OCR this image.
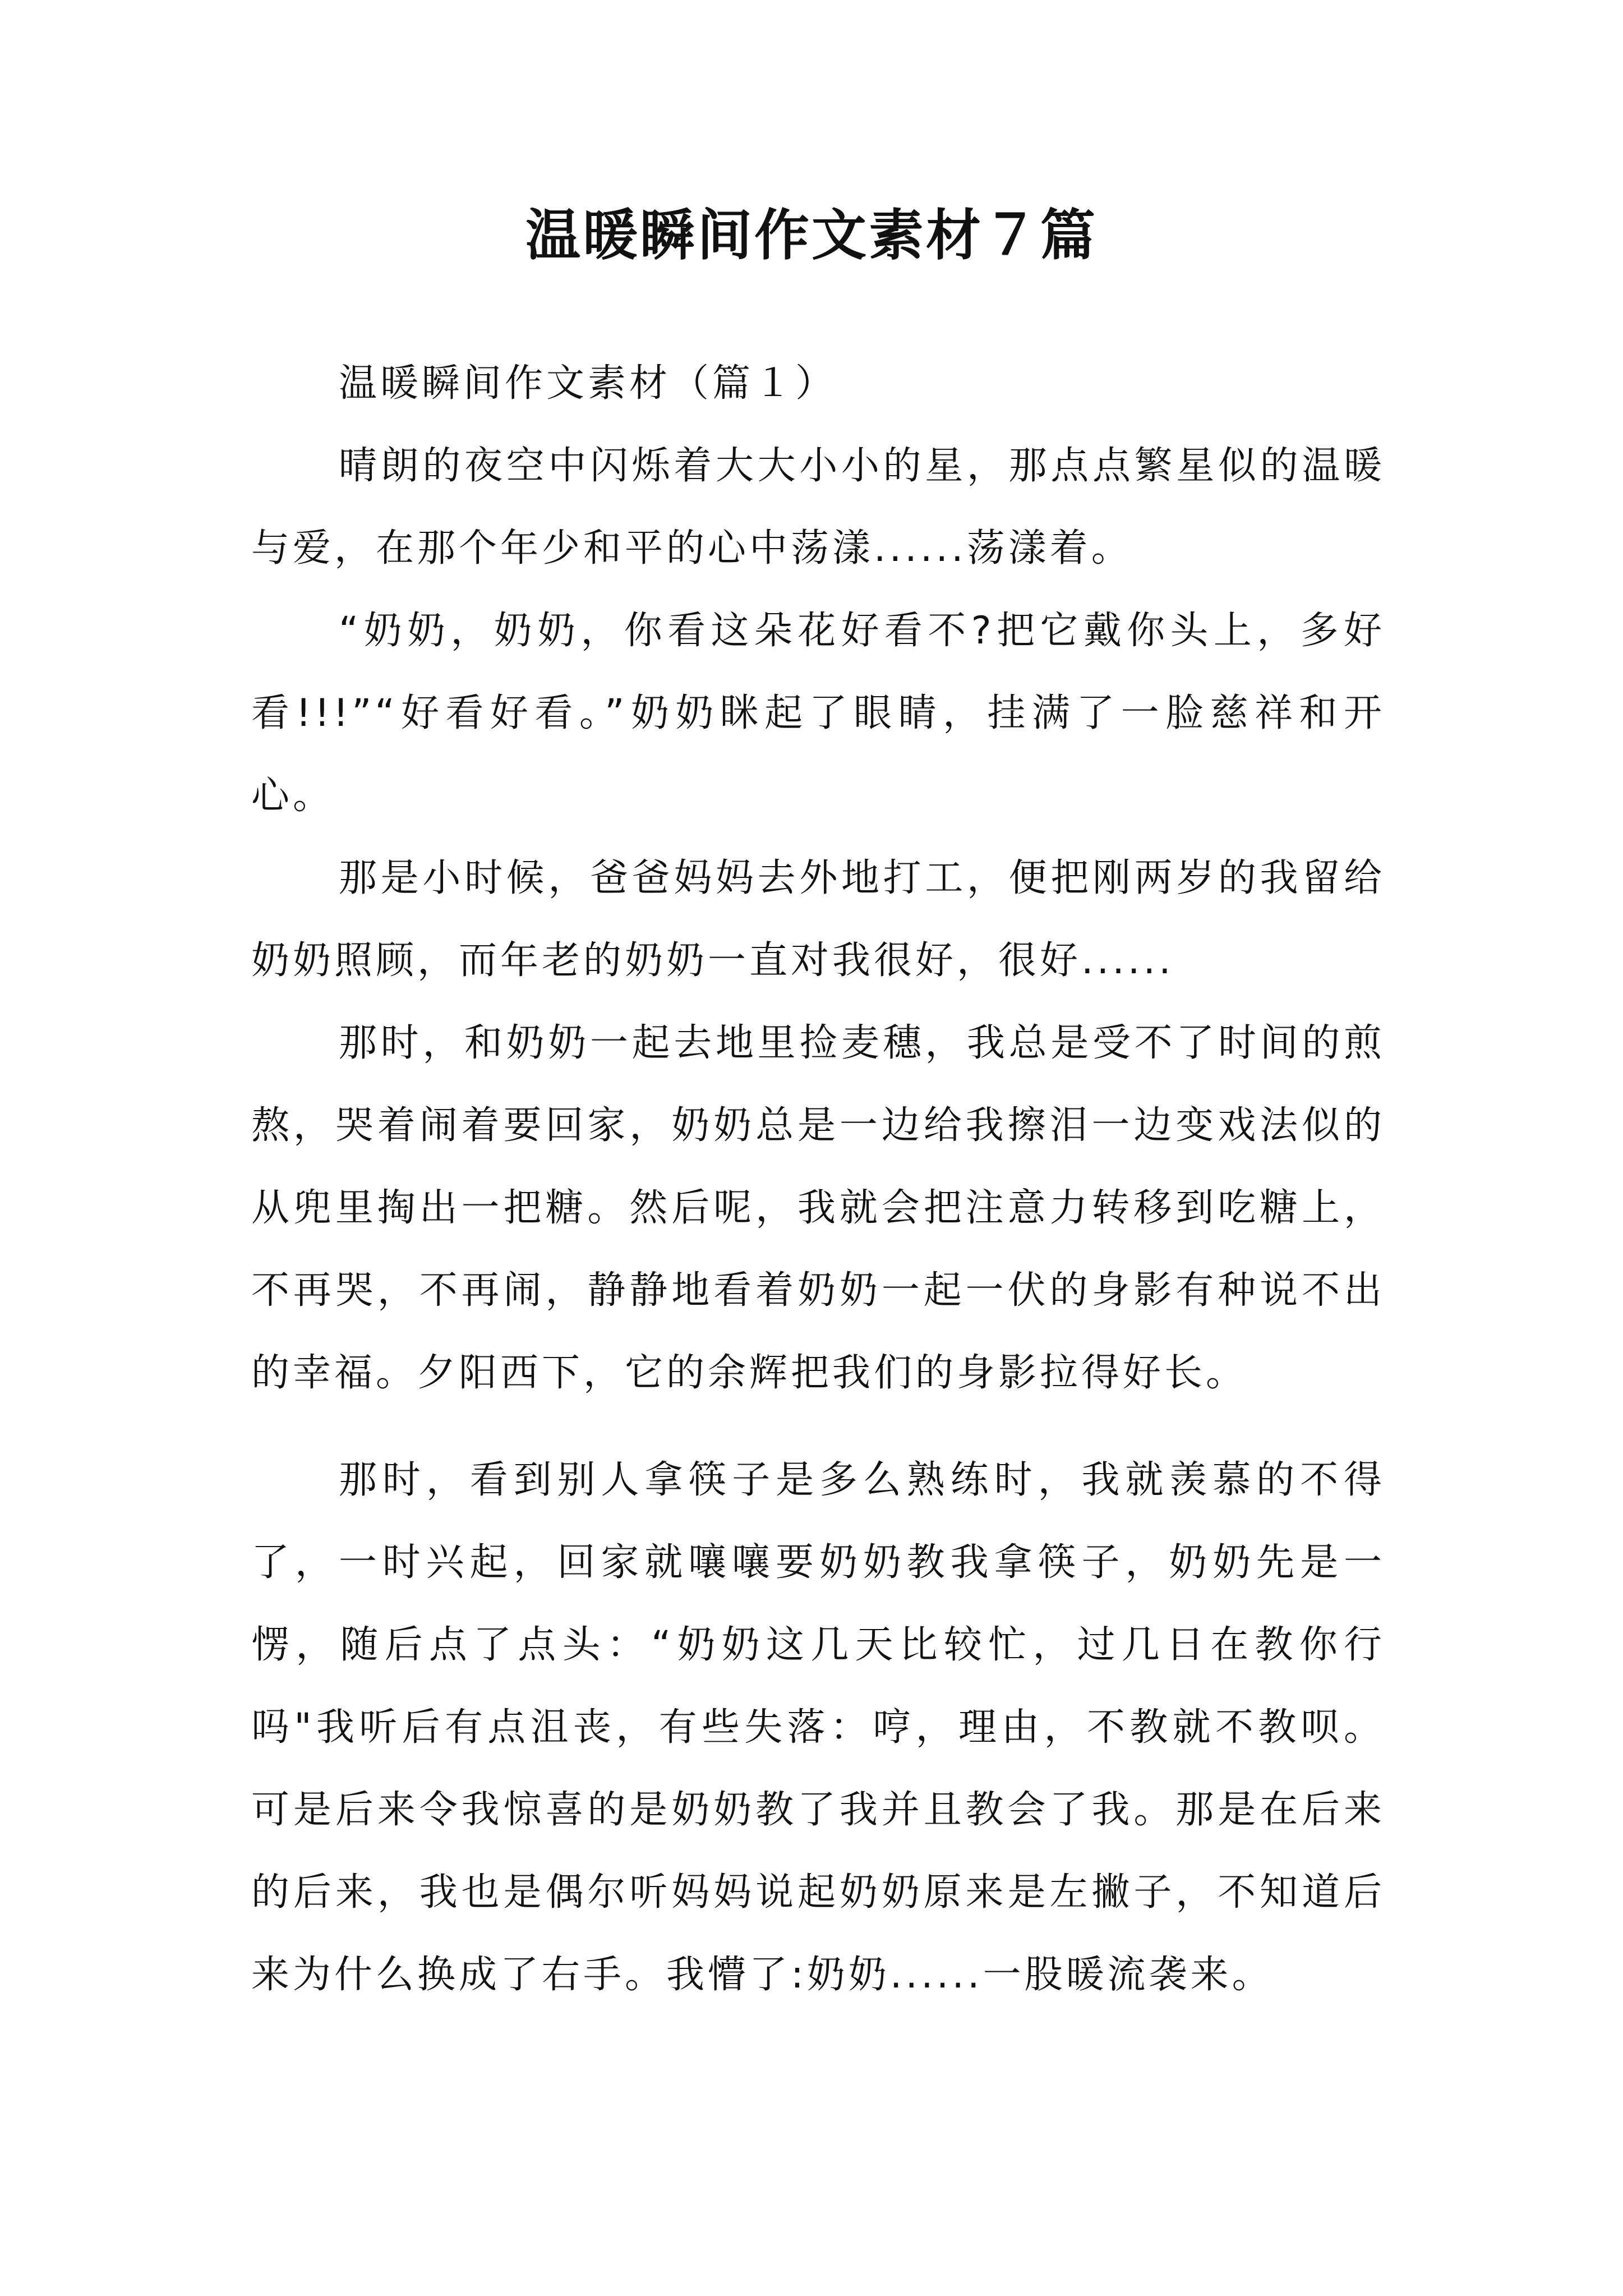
温暖瞬间作文素材７篇

温暖瞬间作文素材（篇１）

晴朗的夜空中闪烁着大大小小的星，那点点繁星似的温暖与爱，在那个年少和平的心中荡漾......荡漾着。

“奶奶，奶奶，你看这朵花好看不?把它戴你头上，多好看!!!”“好看好看。”奶奶眯起了眼睛，挂满了一脸慈祥和开心。

那是小时候，爸爸妈妈去外地打工，便把刚两岁的我留给奶奶照顾，而年老的奶奶一直对我很好，很好......

那时，和奶奶一起去地里捡麦穗，我总是受不了时间的煎熬，哭着闹着要回家，奶奶总是一边给我擦泪一边变戏法似的从兜里掏出一把糖。然后呢，我就会把注意力转移到吃糖上，不再哭，不再闹，静静地看着奶奶一起一伏的身影有种说不出的幸福。夕阳西下，它的余辉把我们的身影拉得好长。

那时，看到别人拿筷子是多么熟练时，我就羡慕的不得了，一时兴起，回家就嚷嚷要奶奶教我拿筷子，奶奶先是一愣，随后点了点头：“奶奶这几天比较忙，过几日在教你行吗"我听后有点沮丧，有些失落：哼，理由，不教就不教呗。可是后来令我惊喜的是奶奶教了我并且教会了我。那是在后来的后来，我也是偶尔听妈妈说起奶奶原来是左撇子，不知道后来为什么换成了右手。我懵了:奶奶......一股暖流袭来。
